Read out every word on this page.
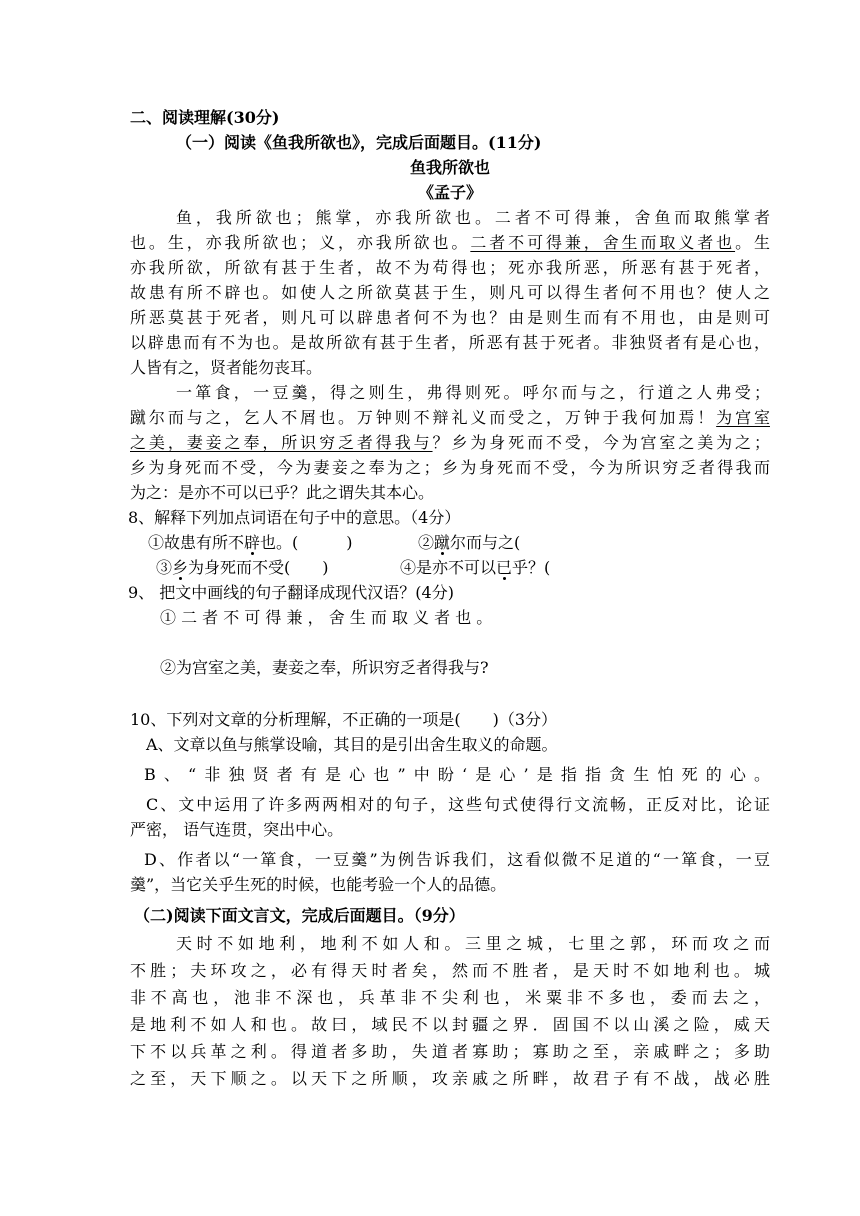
二、阅读理解(30分)
（一）阅读《鱼我所欲也》，完成后面题目。(11分)
鱼我所欲也
《孟子》
鱼，我所欲也；熊掌，亦我所欲也。二者不可得兼，舍鱼而取熊掌者
也。生，亦我所欲也；义，亦我所欲也。二者不可得兼，舍生而取义者也。生
亦我所欲，所欲有甚于生者，故不为苟得也；死亦我所恶，所恶有甚于死者，
故患有所不辟也。如使人之所欲莫甚于生，则凡可以得生者何不用也？使人之
所恶莫甚于死者，则凡可以辟患者何不为也？由是则生而有不用也，由是则可
以辟患而有不为也。是故所欲有甚于生者，所恶有甚于死者。非独贤者有是心也，
人皆有之，贤者能勿丧耳。
一箪食，一豆羹，得之则生，弗得则死。呼尔而与之，行道之人弗受；
蹴尔而与之，乞人不屑也。万钟则不辩礼义而受之，万钟于我何加焉！为宫室
之美，妻妾之奉，所识穷乏者得我与？乡为身死而不受，今为宫室之美为之；
乡为身死而不受，今为妻妾之奉为之；乡为身死而不受，今为所识穷乏者得我而
为之：是亦不可以已乎？此之谓失其本心。
8、解释下列加点词语在句子中的意思。（4分）
①故患有所不辟也。(　　　)	②蹴尔而与之(
③乡为身死而不受(　　)	④是亦不可以已乎？(
9、 把文中画线的句子翻译成现代汉语？(4分)
① 二 者 不 可 得 兼 ， 舍 生 而 取 义 者 也 。
②为宫室之美，妻妾之奉，所识穷乏者得我与?
10、下列对文章的分析理解，不正确的一项是(　　)（3分）
A、文章以鱼与熊掌设喻，其目的是引出舍生取义的命题。
B、“非独贤者有是心也”中盼‘是心’是指指贪生怕死的心。
C、文中运用了许多两两相对的句子，这些句式使得行文流畅，正反对比，论证
严密， 语气连贯，突出中心。
D、作者以“一箪食，一豆羹”为例告诉我们，这看似微不足道的“一箪食，一豆
羹”，当它关乎生死的时候，也能考验一个人的品德。
（二)阅读下面文言文，完成后面题目。（9分）
天时不如地利，地利不如人和。三里之城，七里之郭，环而攻之而
不胜；夫环攻之，必有得天时者矣，然而不胜者，是天时不如地利也。城
非不高也，池非不深也，兵革非不尖利也，米粟非不多也，委而去之，
是地利不如人和也。故曰，域民不以封疆之界．固国不以山溪之险，威天
下不以兵革之利。得道者多助，失道者寡助；寡助之至，亲戚畔之；多助
之至，天下顺之。以天下之所顺，攻亲戚之所畔，故君子有不战，战必胜
